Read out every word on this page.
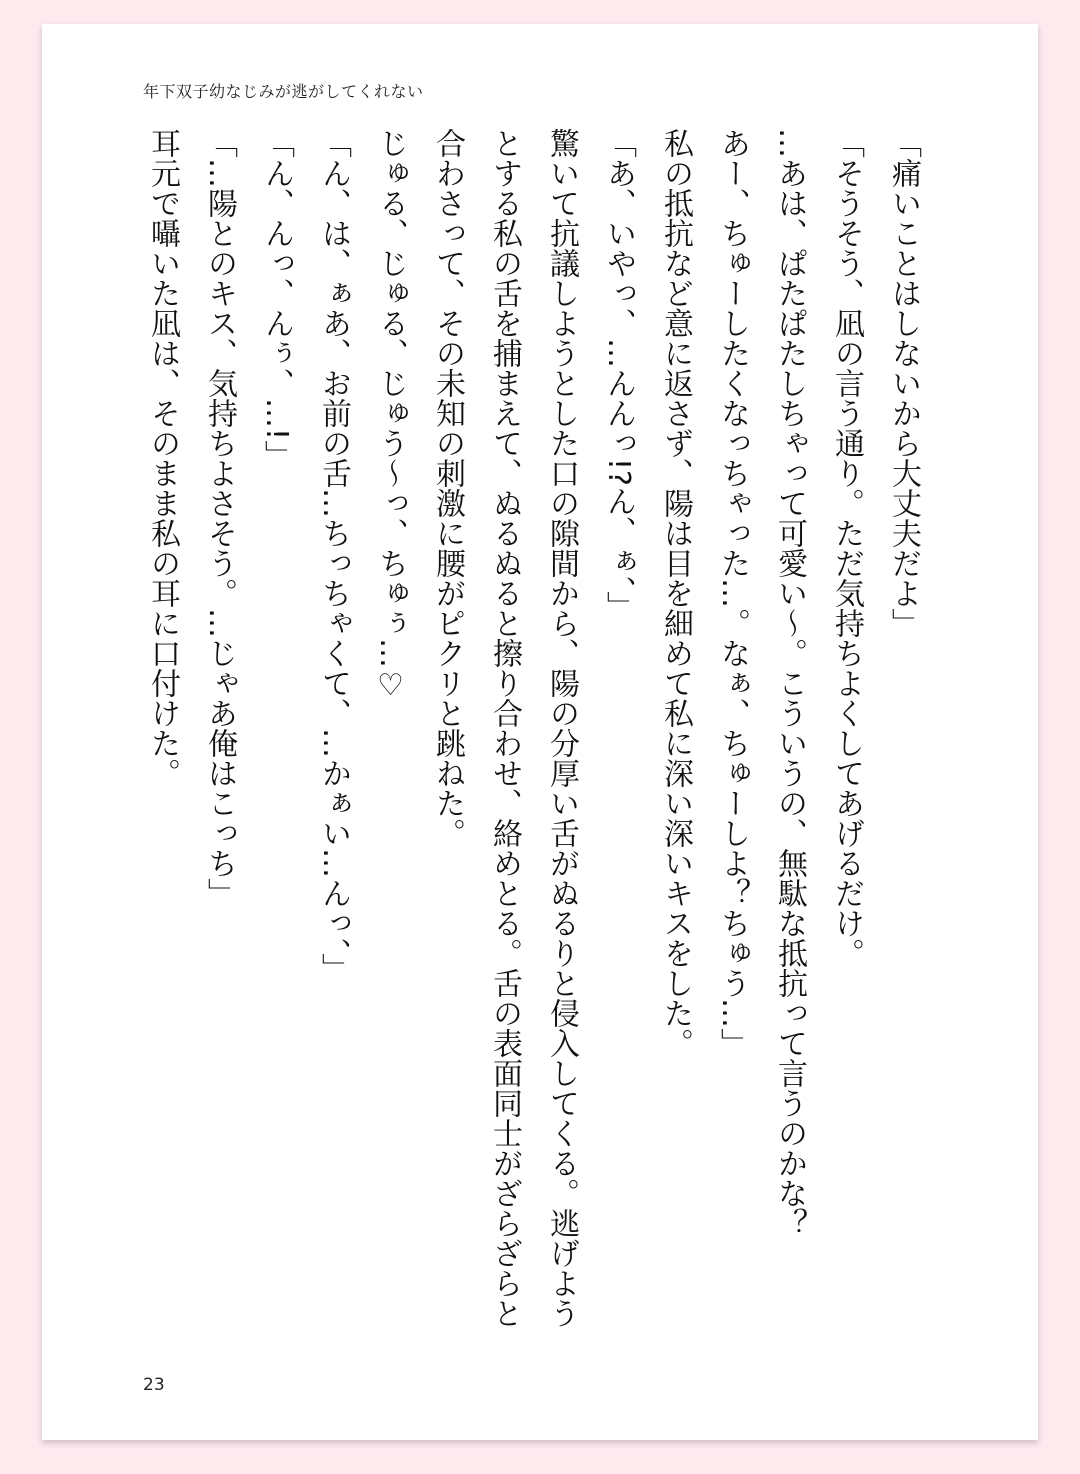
年下双子幼なじみが逃がしてくれない

「痛いことはしないから大丈夫だよ」

「そうそう、凪の言う通り。ただ気持ちよくしてあげるだけ。

…あは、ぱたぱたしちゃって可愛い〜。こういうの、無駄な抵抗って言うのかな？

あー、ちゅーしたくなっちゃった…。なぁ、ちゅーしよ？ちゅう…」

私の抵抗など意に返さず、陽は目を細めて私に深い深いキスをした。

「あ、いやっ、…んんっ!?ん、ぁ、」

驚いて抗議しようとした口の隙間から、陽の分厚い舌がぬるりと侵入してくる。逃げようとする私の舌を捕まえて、ぬるぬると擦り合わせ、絡めとる。舌の表面同士がざらざらと合わさって、その未知の刺激に腰がピクリと跳ねた。

じゅる、じゅる、じゅう〜っ、ちゅぅ…♡

「ん、は、ぁあ、お前の舌…ちっちゃくて、…かぁい…んっ、」

「ん、んっ、んぅ、…!」

「…陽とのキス、気持ちよさそう。…じゃあ俺はこっち」

耳元で囁いた凪は、そのまま私の耳に口付けた。

23
